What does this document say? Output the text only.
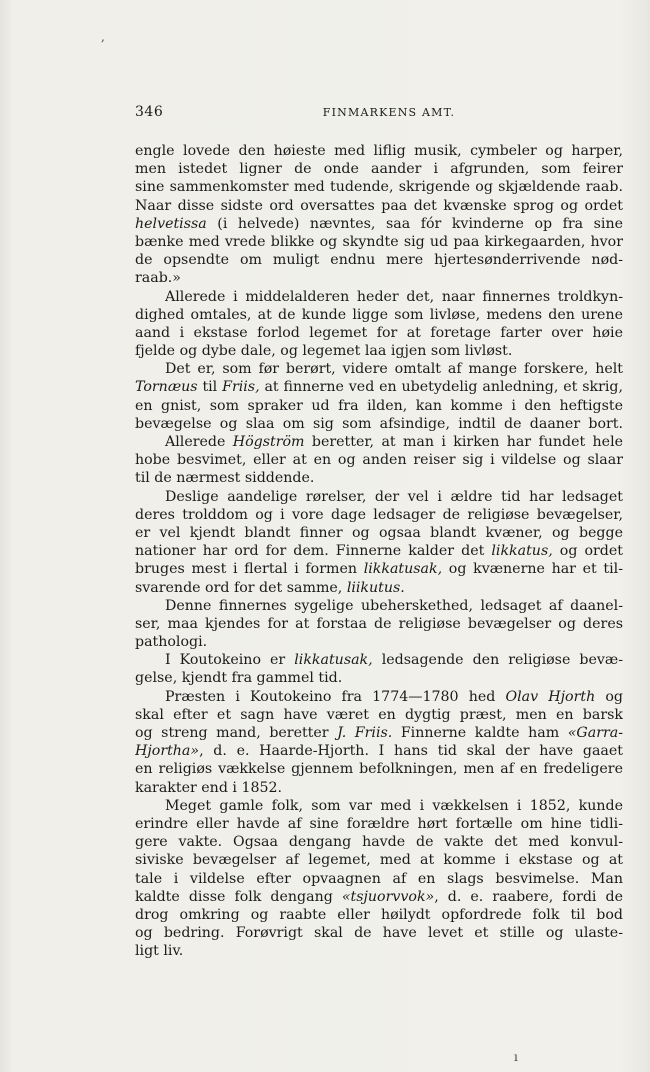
,
ı
346	FINMARKENS AMT.
engle lovede den høieste med liflig musik, cymbeler og harper,
men istedet ligner de onde aander i afgrunden, som feirer
sine sammenkomster med tudende, skrigende og skjældende raab.
Naar disse sidste ord oversattes paa det kvænske sprog og ordet
helvetissa (i helvede) nævntes, saa fór kvinderne op fra sine
bænke med vrede blikke og skyndte sig ud paa kirkegaarden, hvor
de opsendte om muligt endnu mere hjertesønderrivende nød-
raab.»
Allerede i middelalderen heder det, naar finnernes troldkyn-
dighed omtales, at de kunde ligge som livløse, medens den urene
aand i ekstase forlod legemet for at foretage farter over høie
fjelde og dybe dale, og legemet laa igjen som livløst.
Det er, som før berørt, videre omtalt af mange forskere, helt
Tornæus til Friis, at finnerne ved en ubetydelig anledning, et skrig,
en gnist, som spraker ud fra ilden, kan komme i den heftigste
bevægelse og slaa om sig som afsindige, indtil de daaner bort.
Allerede Högström beretter, at man i kirken har fundet hele
hobe besvimet, eller at en og anden reiser sig i vildelse og slaar
til de nærmest siddende.
Deslige aandelige rørelser, der vel i ældre tid har ledsaget
deres trolddom og i vore dage ledsager de religiøse bevægelser,
er vel kjendt blandt finner og ogsaa blandt kvæner, og begge
nationer har ord for dem. Finnerne kalder det likkatus, og ordet
bruges mest i flertal i formen likkatusak, og kvænerne har et til-
svarende ord for det samme, liikutus.
Denne finnernes sygelige ubeherskethed, ledsaget af daanel-
ser, maa kjendes for at forstaa de religiøse bevægelser og deres
pathologi.
I Koutokeino er likkatusak, ledsagende den religiøse bevæ-
gelse, kjendt fra gammel tid.
Præsten i Koutokeino fra 1774—1780 hed Olav Hjorth og
skal efter et sagn have været en dygtig præst, men en barsk
og streng mand, beretter J. Friis. Finnerne kaldte ham «Garra-
Hjortha», d. e. Haarde-Hjorth. I hans tid skal der have gaaet
en religiøs vækkelse gjennem befolkningen, men af en fredeligere
karakter end i 1852.
Meget gamle folk, som var med i vækkelsen i 1852, kunde
erindre eller havde af sine forældre hørt fortælle om hine tidli-
gere vakte. Ogsaa dengang havde de vakte det med konvul-
siviske bevægelser af legemet, med at komme i ekstase og at
tale i vildelse efter opvaagnen af en slags besvimelse. Man
kaldte disse folk dengang «tsjuorvvok», d. e. raabere, fordi de
drog omkring og raabte eller høilydt opfordrede folk til bod
og bedring. Forøvrigt skal de have levet et stille og ulaste-
ligt liv.
